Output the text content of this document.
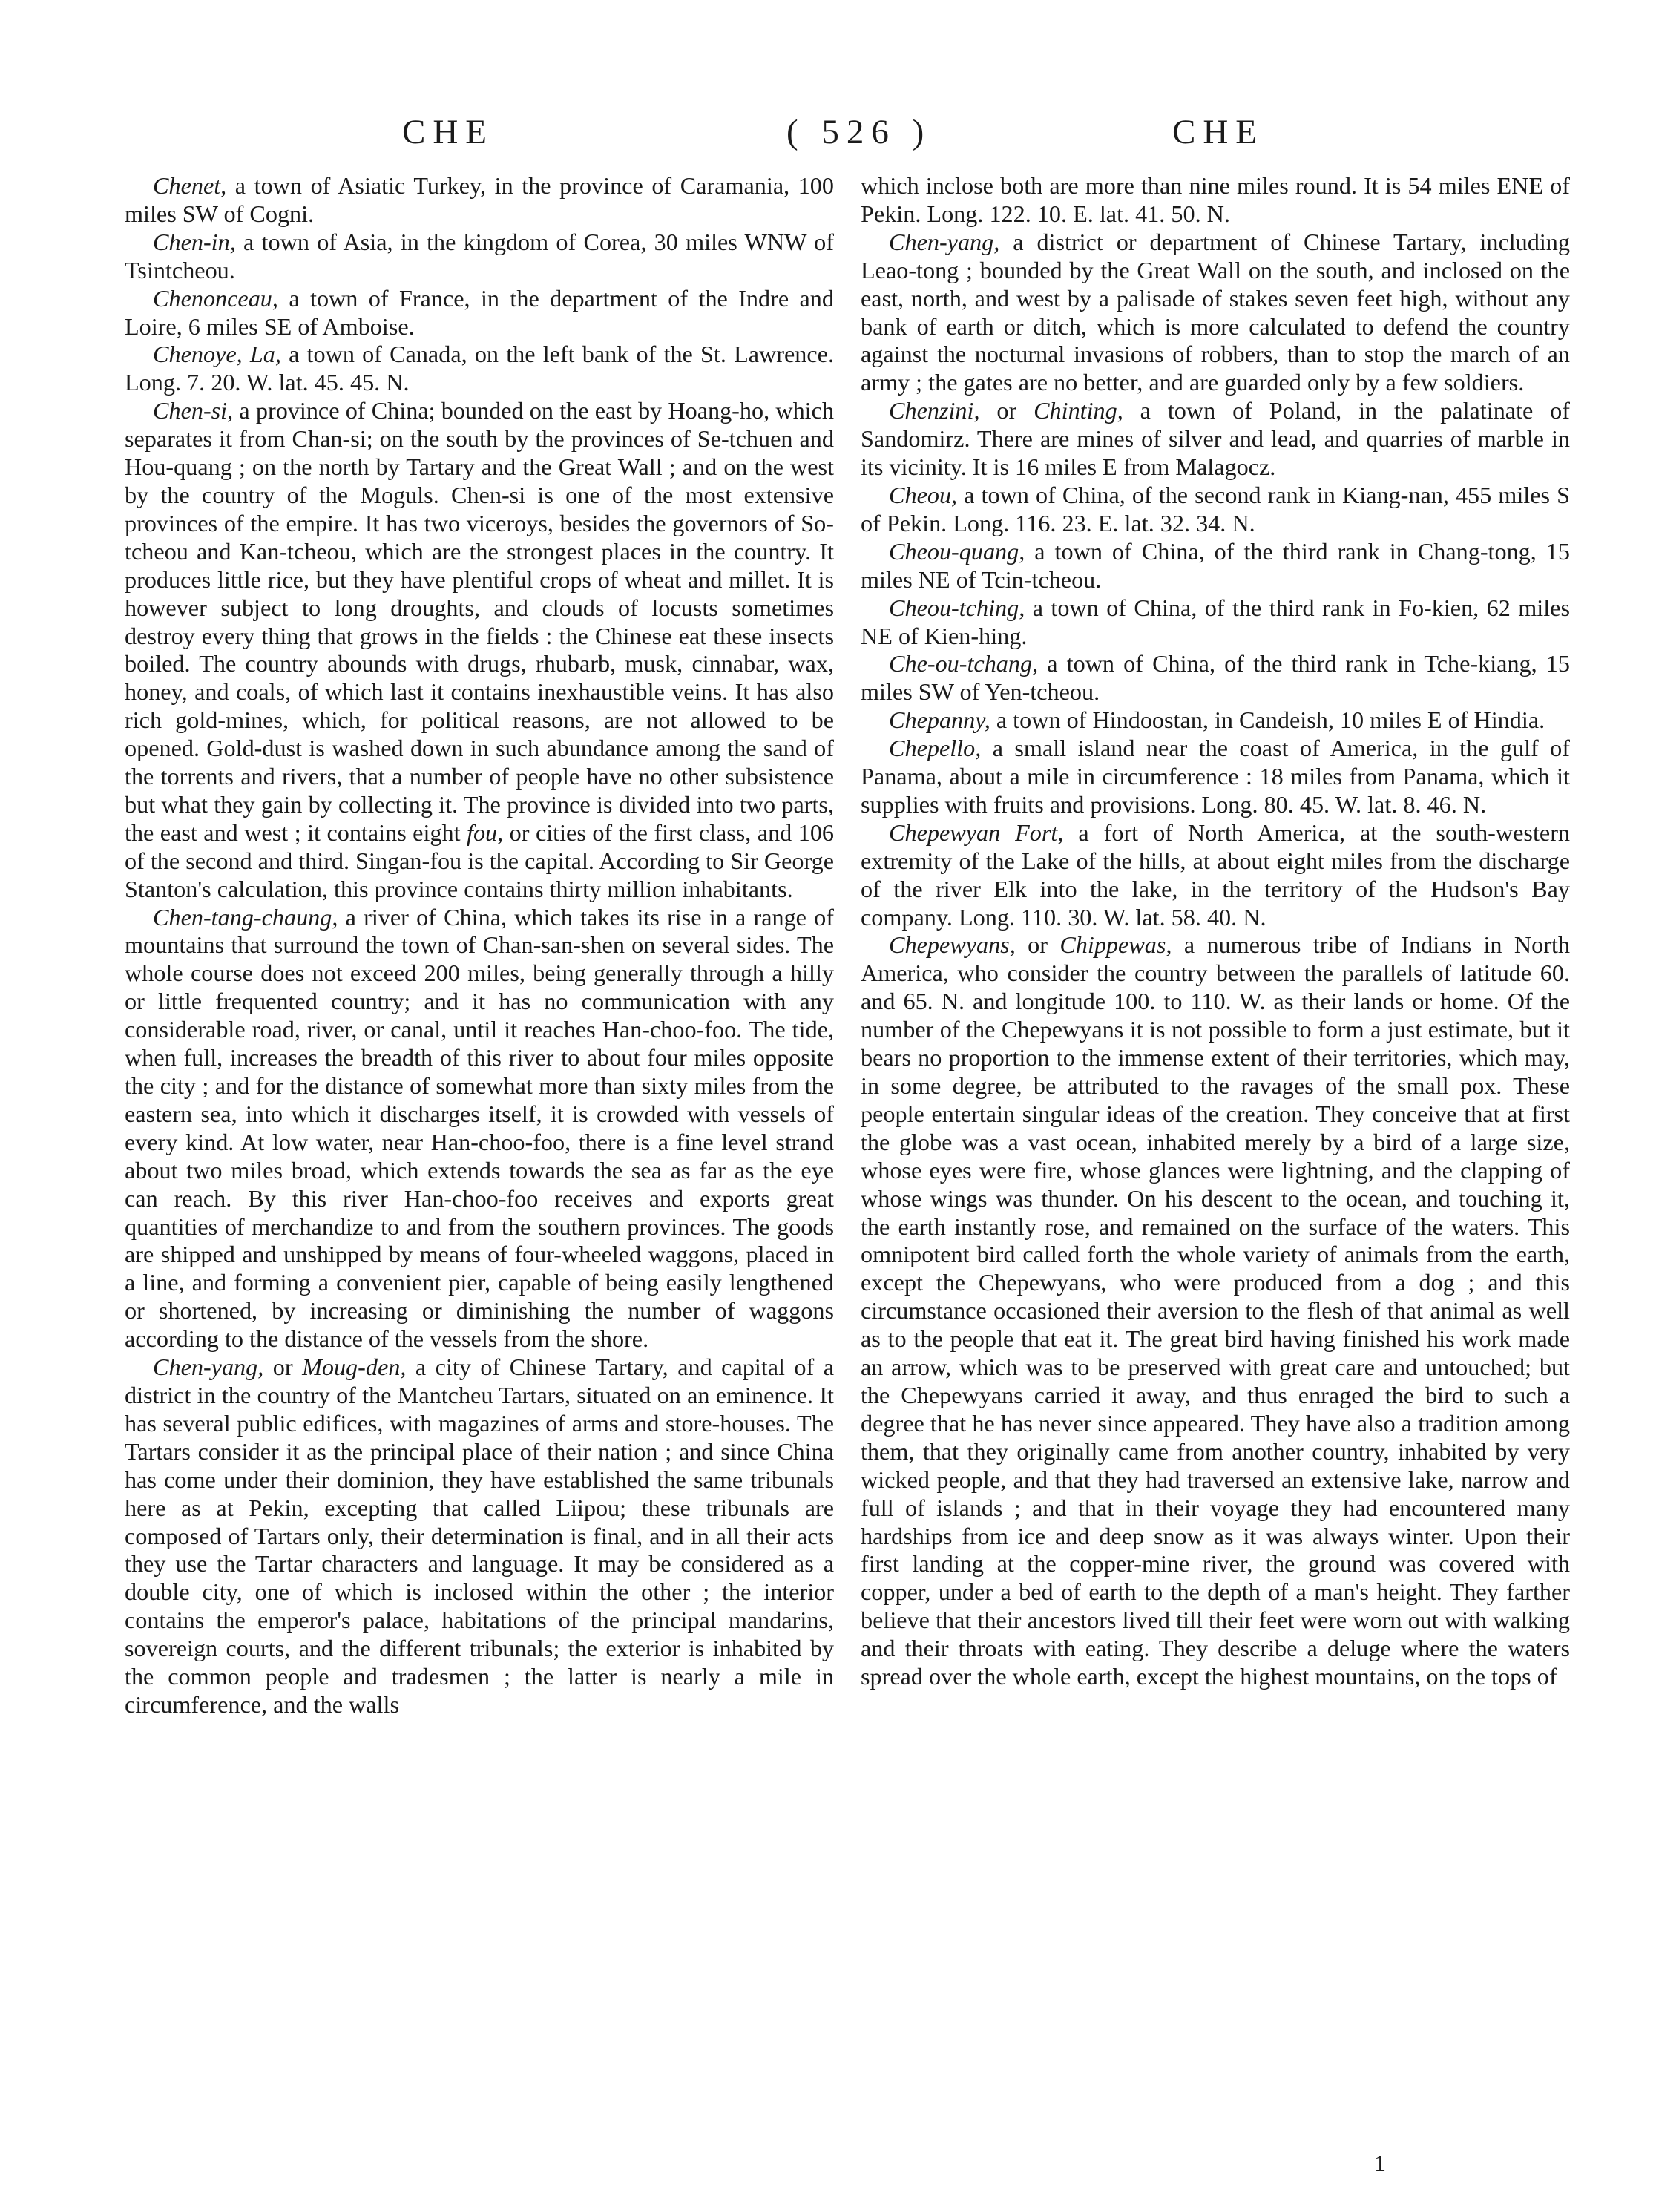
CHE	( 526 )	CHE

Chenet, a town of Asiatic Turkey, in the province of Caramania, 100 miles SW of Cogni.

Chen-in, a town of Asia, in the kingdom of Corea, 30 miles WNW of Tsintcheou.

Chenonceau, a town of France, in the department of the Indre and Loire, 6 miles SE of Amboise.

Chenoye, La, a town of Canada, on the left bank of the St. Lawrence. Long. 7. 20. W. lat. 45. 45. N.

Chen-si, a province of China; bounded on the east by Hoang-ho, which separates it from Chan-si; on the south by the provinces of Se-tchuen and Hou-quang ; on the north by Tartary and the Great Wall ; and on the west by the country of the Moguls. Chen-si is one of the most extensive provinces of the empire. It has two viceroys, besides the governors of So-tcheou and Kan-tcheou, which are the strongest places in the country. It produces little rice, but they have plentiful crops of wheat and millet. It is however subject to long droughts, and clouds of locusts sometimes destroy every thing that grows in the fields : the Chinese eat these insects boiled. The country abounds with drugs, rhubarb, musk, cinnabar, wax, honey, and coals, of which last it contains inexhaustible veins. It has also rich gold-mines, which, for political reasons, are not allowed to be opened. Gold-dust is washed down in such abundance among the sand of the torrents and rivers, that a number of people have no other subsistence but what they gain by collecting it. The province is divided into two parts, the east and west ; it contains eight fou, or cities of the first class, and 106 of the second and third. Singan-fou is the capital. According to Sir George Stanton's calculation, this province contains thirty million inhabitants.

Chen-tang-chaung, a river of China, which takes its rise in a range of mountains that surround the town of Chan-san-shen on several sides. The whole course does not exceed 200 miles, being generally through a hilly or little frequented country; and it has no communication with any considerable road, river, or canal, until it reaches Han-choo-foo. The tide, when full, increases the breadth of this river to about four miles opposite the city ; and for the distance of somewhat more than sixty miles from the eastern sea, into which it discharges itself, it is crowded with vessels of every kind. At low water, near Han-choo-foo, there is a fine level strand about two miles broad, which extends towards the sea as far as the eye can reach. By this river Han-choo-foo receives and exports great quantities of merchandize to and from the southern provinces. The goods are shipped and unshipped by means of four-wheeled waggons, placed in a line, and forming a convenient pier, capable of being easily lengthened or shortened, by increasing or diminishing the number of waggons according to the distance of the vessels from the shore.

Chen-yang, or Moug-den, a city of Chinese Tartary, and capital of a district in the country of the Mantcheu Tartars, situated on an eminence. It has several public edifices, with magazines of arms and store-houses. The Tartars consider it as the principal place of their nation ; and since China has come under their dominion, they have established the same tribunals here as at Pekin, excepting that called Liipou; these tribunals are composed of Tartars only, their determination is final, and in all their acts they use the Tartar characters and language. It may be considered as a double city, one of which is inclosed within the other ; the interior contains the emperor's palace, habitations of the principal mandarins, sovereign courts, and the different tribunals; the exterior is inhabited by the common people and tradesmen ; the latter is nearly a mile in circumference, and the walls

which inclose both are more than nine miles round. It is 54 miles ENE of Pekin. Long. 122. 10. E. lat. 41. 50. N.

Chen-yang, a district or department of Chinese Tartary, including Leao-tong ; bounded by the Great Wall on the south, and inclosed on the east, north, and west by a palisade of stakes seven feet high, without any bank of earth or ditch, which is more calculated to defend the country against the nocturnal invasions of robbers, than to stop the march of an army ; the gates are no better, and are guarded only by a few soldiers.

Chenzini, or Chinting, a town of Poland, in the palatinate of Sandomirz. There are mines of silver and lead, and quarries of marble in its vicinity. It is 16 miles E from Malagocz.

Cheou, a town of China, of the second rank in Kiang-nan, 455 miles S of Pekin. Long. 116. 23. E. lat. 32. 34. N.

Cheou-quang, a town of China, of the third rank in Chang-tong, 15 miles NE of Tcin-tcheou.

Cheou-tching, a town of China, of the third rank in Fo-kien, 62 miles NE of Kien-hing.

Che-ou-tchang, a town of China, of the third rank in Tche-kiang, 15 miles SW of Yen-tcheou.

Chepanny, a town of Hindoostan, in Candeish, 10 miles E of Hindia.

Chepello, a small island near the coast of America, in the gulf of Panama, about a mile in circumference : 18 miles from Panama, which it supplies with fruits and provisions. Long. 80. 45. W. lat. 8. 46. N.

Chepewyan Fort, a fort of North America, at the south-western extremity of the Lake of the hills, at about eight miles from the discharge of the river Elk into the lake, in the territory of the Hudson's Bay company. Long. 110. 30. W. lat. 58. 40. N.

Chepewyans, or Chippewas, a numerous tribe of Indians in North America, who consider the country between the parallels of latitude 60. and 65. N. and longitude 100. to 110. W. as their lands or home. Of the number of the Chepewyans it is not possible to form a just estimate, but it bears no proportion to the immense extent of their territories, which may, in some degree, be attributed to the ravages of the small pox. These people entertain singular ideas of the creation. They conceive that at first the globe was a vast ocean, inhabited merely by a bird of a large size, whose eyes were fire, whose glances were lightning, and the clapping of whose wings was thunder. On his descent to the ocean, and touching it, the earth instantly rose, and remained on the surface of the waters. This omnipotent bird called forth the whole variety of animals from the earth, except the Chepewyans, who were produced from a dog ; and this circumstance occasioned their aversion to the flesh of that animal as well as to the people that eat it. The great bird having finished his work made an arrow, which was to be preserved with great care and untouched; but the Chepewyans carried it away, and thus enraged the bird to such a degree that he has never since appeared. They have also a tradition among them, that they originally came from another country, inhabited by very wicked people, and that they had traversed an extensive lake, narrow and full of islands ; and that in their voyage they had encountered many hardships from ice and deep snow as it was always winter. Upon their first landing at the copper-mine river, the ground was covered with copper, under a bed of earth to the depth of a man's height. They farther believe that their ancestors lived till their feet were worn out with walking and their throats with eating. They describe a deluge where the waters spread over the whole earth, except the highest mountains, on the tops of

1
